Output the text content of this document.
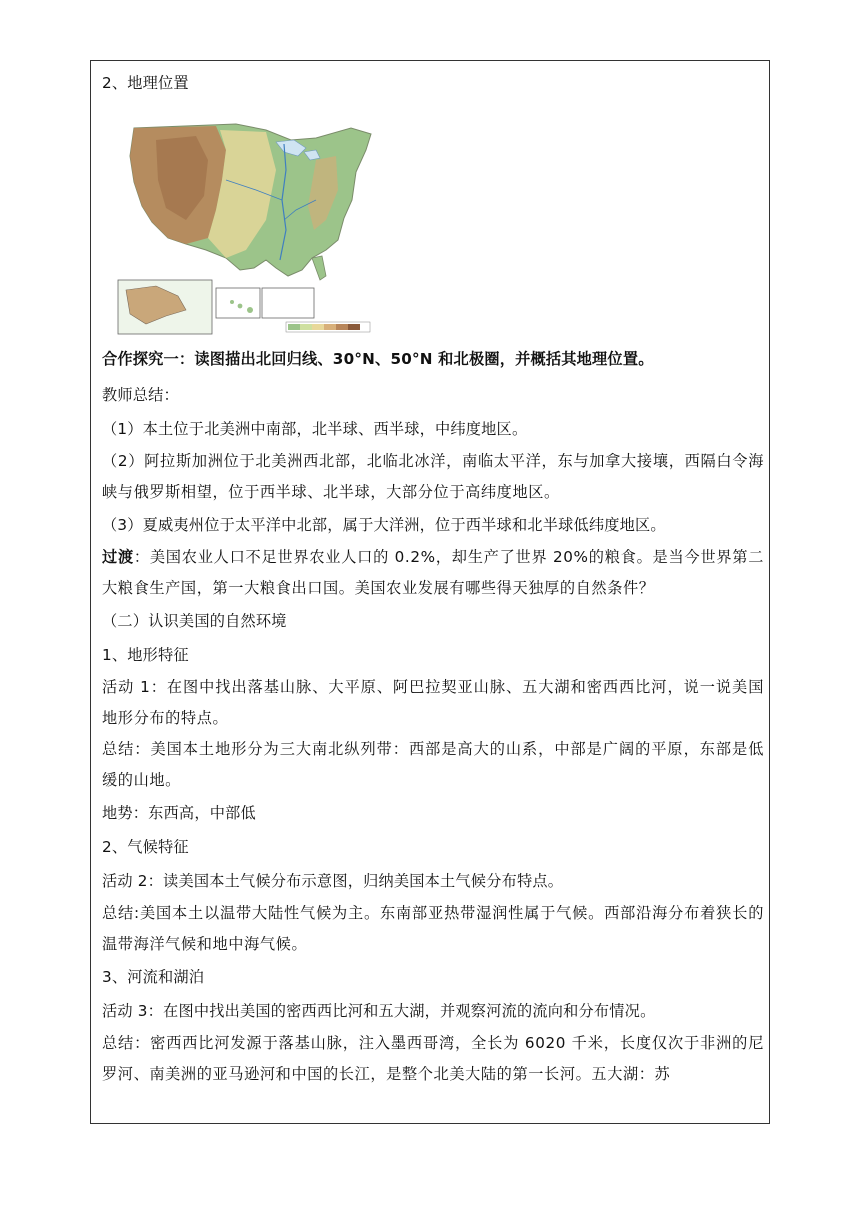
2、地理位置
合作探究一：读图描出北回归线、30°N、50°N 和北极圈，并概括其地理位置。
教师总结：
（1）本土位于北美洲中南部，北半球、西半球，中纬度地区。
（2）阿拉斯加洲位于北美洲西北部，北临北冰洋，南临太平洋，东与加拿大接壤，西隔白令海峡与俄罗斯相望，位于西半球、北半球，大部分位于高纬度地区。
（3）夏威夷州位于太平洋中北部，属于大洋洲，位于西半球和北半球低纬度地区。
过渡：美国农业人口不足世界农业人口的 0.2%，却生产了世界 20%的粮食。是当今世界第二大粮食生产国，第一大粮食出口国。美国农业发展有哪些得天独厚的自然条件？
（二）认识美国的自然环境
1、地形特征
活动 1：在图中找出落基山脉、大平原、阿巴拉契亚山脉、五大湖和密西西比河，说一说美国地形分布的特点。
总结：美国本土地形分为三大南北纵列带：西部是高大的山系，中部是广阔的平原，东部是低缓的山地。
地势：东西高，中部低
2、气候特征
活动 2：读美国本土气候分布示意图，归纳美国本土气候分布特点。
总结:美国本土以温带大陆性气候为主。东南部亚热带湿润性属于气候。西部沿海分布着狭长的温带海洋气候和地中海气候。
3、河流和湖泊
活动 3：在图中找出美国的密西西比河和五大湖，并观察河流的流向和分布情况。
总结：密西西比河发源于落基山脉，注入墨西哥湾，全长为 6020 千米，长度仅次于非洲的尼罗河、南美洲的亚马逊河和中国的长江，是整个北美大陆的第一长河。五大湖：苏
